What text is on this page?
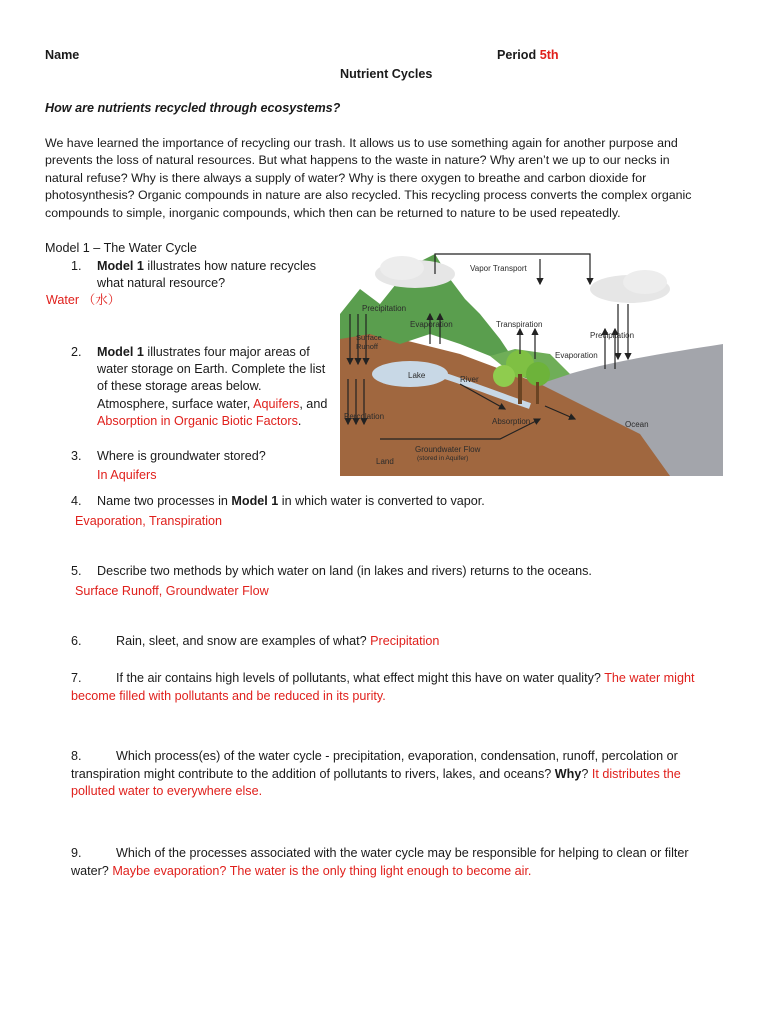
Name	Period 5th
Nutrient Cycles
How are nutrients recycled through ecosystems?
We have learned the importance of recycling our trash. It allows us to use something again for another purpose and
prevents the loss of natural resources. But what happens to the waste in nature? Why aren’t we up to our necks in
natural refuse? Why is there always a supply of water? Why is there oxygen to breathe and carbon dioxide for
photosynthesis? Organic compounds in nature are also recycled. This recycling process converts the complex organic
compounds to simple, inorganic compounds, which then can be returned to nature to be used repeatedly.
Model 1 – The Water Cycle
1. Model 1 illustrates how nature recycles
what natural resource?
Water （水）
2. Model 1 illustrates four major areas of
water storage on Earth. Complete the list
of these storage areas below.
Atmosphere, surface water, Aquifers, and
Absorption in Organic Biotic Factors.
3. Where is groundwater stored?
In Aquifers
Vapor Transport
Precipitation
Evaporation	Transpiration
Precipitation
Surface
Runoff
Evaporation
Lake	River
Percolation
Absorption	Ocean
Groundwater Flow
(stored in Aquifer)
Land
4. Name two processes in Model 1 in which water is converted to vapor.
Evaporation, Transpiration
5. Describe two methods by which water on land (in lakes and rivers) returns to the oceans.
Surface Runoff, Groundwater Flow
6.	Rain, sleet, and snow are examples of what? Precipitation
7.	If the air contains high levels of pollutants, what effect might this have on water quality? The water might
become filled with pollutants and be reduced in its purity.
8.	Which process(es) of the water cycle - precipitation, evaporation, condensation, runoff, percolation or
transpiration might contribute to the addition of pollutants to rivers, lakes, and oceans? Why? It distributes the
polluted water to everywhere else.
9.	Which of the processes associated with the water cycle may be responsible for helping to clean or filter
water? Maybe evaporation? The water is the only thing light enough to become air.
